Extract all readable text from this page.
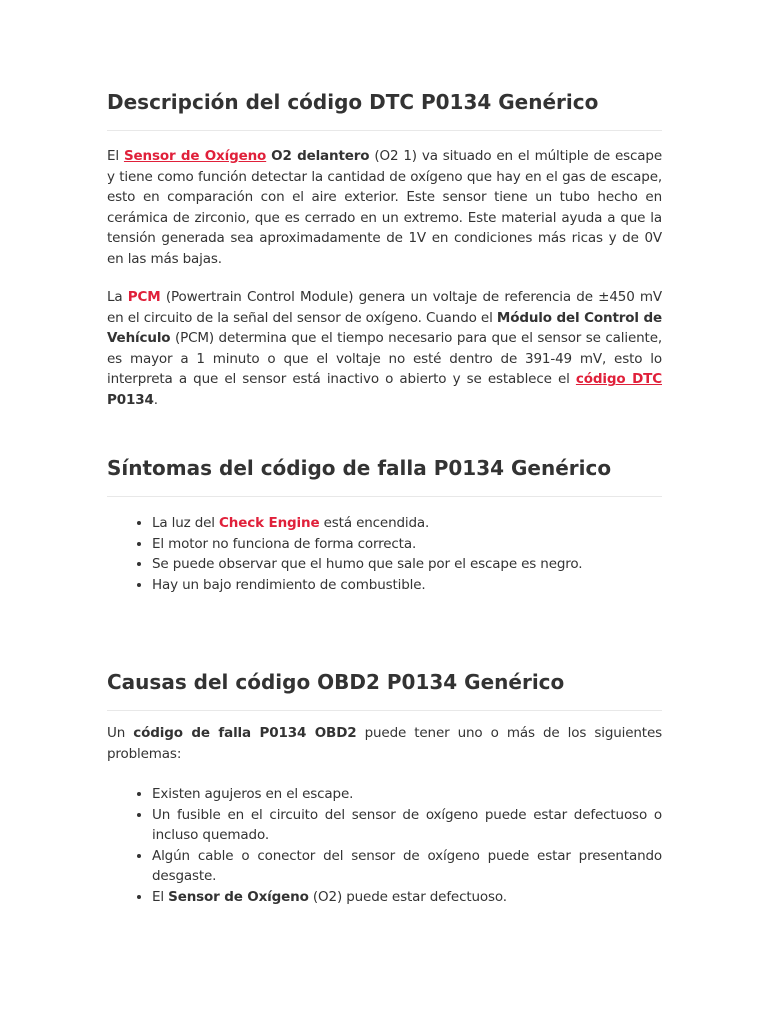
Descripción del código DTC P0134 Genérico

El Sensor de Oxígeno O2 delantero (O2 1) va situado en el múltiple de escape y tiene como función detectar la cantidad de oxígeno que hay en el gas de escape, esto en comparación con el aire exterior. Este sensor tiene un tubo hecho en cerámica de zirconio, que es cerrado en un extremo. Este material ayuda a que la tensión generada sea aproximadamente de 1V en condiciones más ricas y de 0V en las más bajas.

La PCM (Powertrain Control Module) genera un voltaje de referencia de ±450 mV en el circuito de la señal del sensor de oxígeno. Cuando el Módulo del Control de Vehículo (PCM) determina que el tiempo necesario para que el sensor se caliente, es mayor a 1 minuto o que el voltaje no esté dentro de 391-49 mV, esto lo interpreta a que el sensor está inactivo o abierto y se establece el código DTC P0134.

Síntomas del código de falla P0134 Genérico
• La luz del Check Engine está encendida.
• El motor no funciona de forma correcta.
• Se puede observar que el humo que sale por el escape es negro.
• Hay un bajo rendimiento de combustible.
Causas del código OBD2 P0134 Genérico

Un código de falla P0134 OBD2 puede tener uno o más de los siguientes problemas:

• Existen agujeros en el escape.
• Un fusible en el circuito del sensor de oxígeno puede estar defectuoso o incluso quemado.
• Algún cable o conector del sensor de oxígeno puede estar presentando desgaste.
• El Sensor de Oxígeno (O2) puede estar defectuoso.
